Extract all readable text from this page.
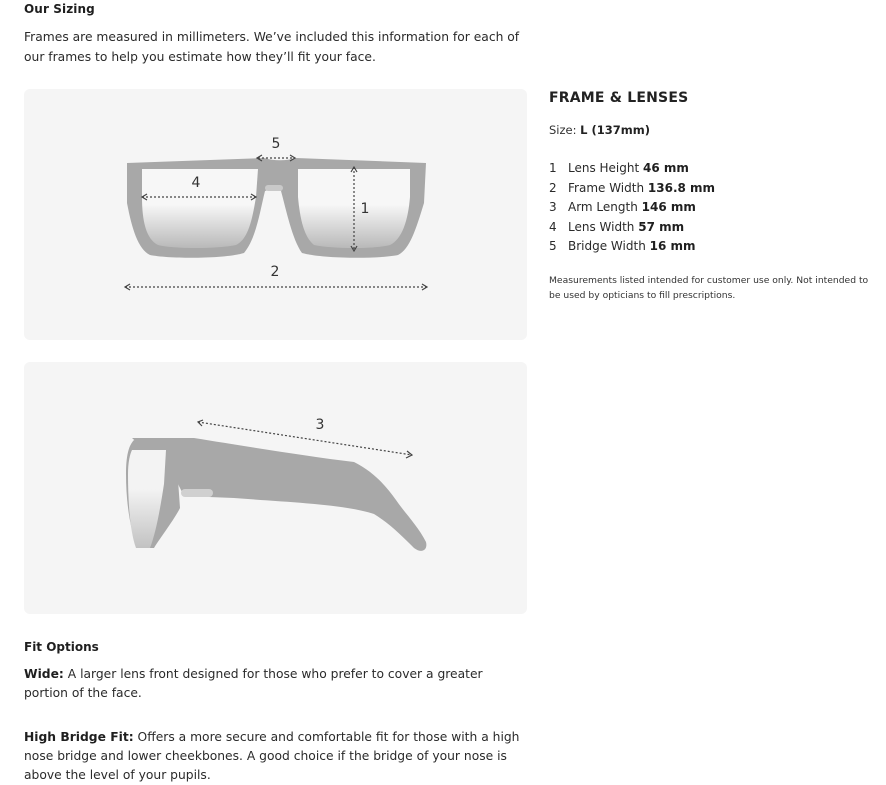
Our Sizing

Frames are measured in millimeters. We’ve included this information for each of our frames to help you estimate how they’ll fit your face.

5
4
1
2
3
FRAME & LENSES
Size: L (137mm)
1 Lens Height 46 mm
2 Frame Width 136.8 mm
3 Arm Length 146 mm
4 Lens Width 57 mm
5 Bridge Width 16 mm
Measurements listed intended for customer use only. Not intended to be used by opticians to fill prescriptions.
Fit Options

Wide: A larger lens front designed for those who prefer to cover a greater portion of the face.

High Bridge Fit: Offers a more secure and comfortable fit for those with a high nose bridge and lower cheekbones. A good choice if the bridge of your nose is above the level of your pupils.
